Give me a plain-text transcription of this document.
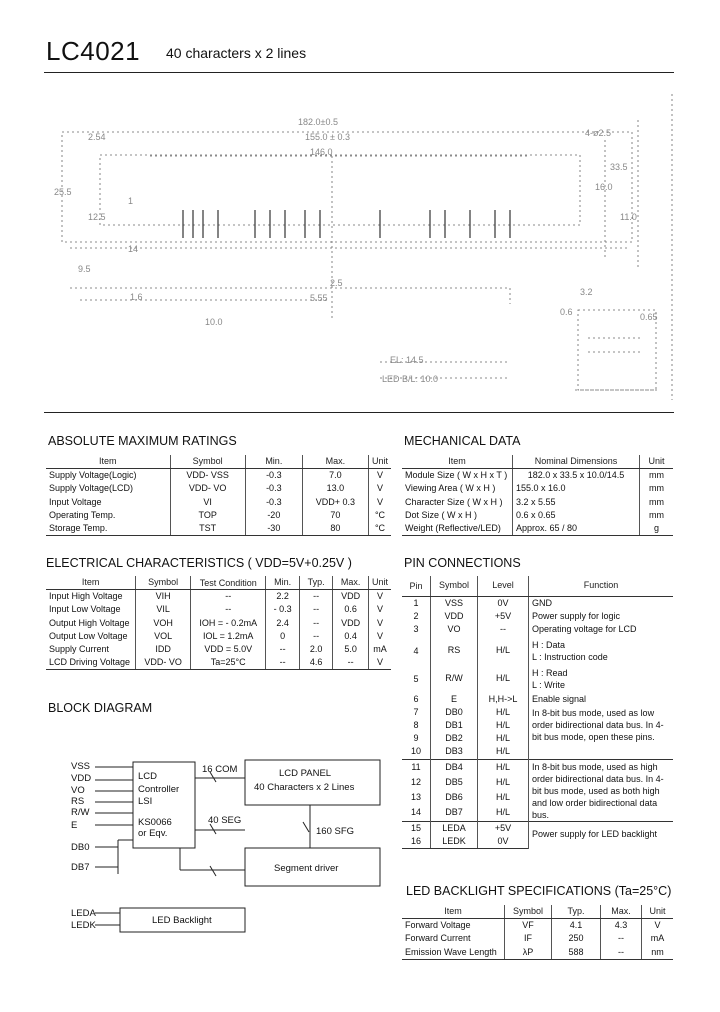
LC4021 40 characters x 2 lines
182.0±0.5
155.0 ± 0.3
146.0
4-ø2.5
2.54
9.5
1.6
10.0
2.5
5.55
3.2
0.6	0.65
33.5
16.0
25.5
12.5	11.0
EL: 14.5
LED B/L: 10.0
1
14
ABSOLUTE MAXIMUM RATINGS
Item	Symbol	Min.	Max.	Unit
Supply Voltage(Logic)	VDD- VSS	-0.3	7.0	V
Supply Voltage(LCD)	VDD- VO	-0.3	13.0	V
Input Voltage	VI	-0.3	VDD+ 0.3	V
Operating Temp.	TOP	-20	70	°C
Storage Temp.	TST	-30	80	°C
ELECTRICAL CHARACTERISTICS ( VDD=5V+0.25V )
Item	Symbol	Test Condition	Min.	Typ.	Max.	Unit
Input High Voltage	VIH	--	2.2	--	VDD	V
Input Low Voltage	VIL	--	- 0.3	--	0.6	V
Output High Voltage	VOH	IOH = - 0.2mA	2.4	--	VDD	V
Output Low Voltage	VOL	IOL = 1.2mA	0	--	0.4	V
Supply Current	IDD	VDD = 5.0V	--	2.0	5.0	mA
LCD Driving Voltage	VDD- VO	Ta=25°C	--	4.6	--	V
BLOCK DIAGRAM
VSS
VDD
VO
RS
R/W
E
DB0
DB7
LCD
Controller
LSI
KS0066
or Eqv.
16 COM
40 SEG
160 SFG
LCD PANEL
40 Characters x 2 Lines
Segment driver
LEDA
LEDK	LED Backlight
MECHANICAL DATA
Item	Nominal Dimensions	Unit
Module Size ( W x H x T )	182.0 x 33.5 x 10.0/14.5	mm
Viewing Area ( W x H )	155.0 x 16.0	mm
Character Size ( W x H )	3.2 x 5.55	mm
Dot Size ( W x H )	0.6 x 0.65	mm
Weight (Reflective/LED)	Approx. 65 / 80	g
PIN CONNECTIONS
Pin	Symbol	Level	Function
1	VSS	0V	GND
2	VDD	+5V	Power supply for logic
3	VO	--	Operating voltage for LCD
4	RS	H/L	H : Data
L : Instruction code
5	R/W	H/L	H : Read
L : Write
6	E	H,H->L	Enable signal
7	DB0	H/L	In 8-bit bus mode, used as low order bidirectional data bus. In 4-bit bus mode, open these pins.
8	DB1	H/L	
9	DB2	H/L	
10	DB3	H/L	
11	DB4	H/L	In 8-bit bus mode, used as high order bidirectional data bus. In 4-bit bus mode, used as both high and low order bidirectional data bus.
12	DB5	H/L	
13	DB6	H/L	
14	DB7	H/L	
15	LEDA	+5V	Power supply for LED backlight
16	LEDK	0V	
LED BACKLIGHT SPECIFICATIONS (Ta=25°C)
Item	Symbol	Typ.	Max.	Unit
Forward Voltage	VF	4.1	4.3	V
Forward Current	IF	250	--	mA
Emission Wave Length	λP	588	--	nm
